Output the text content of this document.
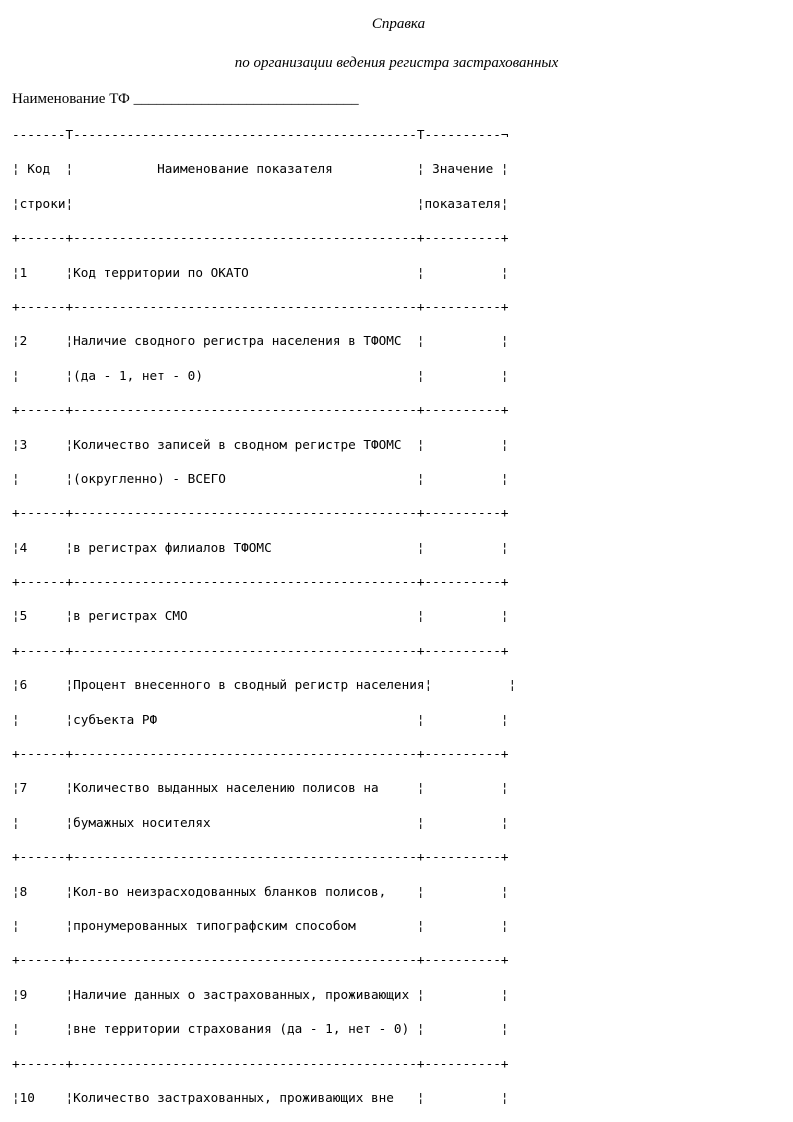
Справка
по организации ведения регистра застрахованных
Наименование ТФ ______________________________
-------T---------------------------------------------T----------¬
¦ Код  ¦           Наименование показателя           ¦ Значение ¦
¦строки¦                                             ¦показателя¦
+------+---------------------------------------------+----------+
¦1     ¦Код территории по ОКАТО                      ¦          ¦
+------+---------------------------------------------+----------+
¦2     ¦Наличие сводного регистра населения в ТФОМС  ¦          ¦
¦      ¦(да - 1, нет - 0)                            ¦          ¦
+------+---------------------------------------------+----------+
¦3     ¦Количество записей в сводном регистре ТФОМС  ¦          ¦
¦      ¦(округленно) - ВСЕГО                         ¦          ¦
+------+---------------------------------------------+----------+
¦4     ¦в регистрах филиалов ТФОМС                   ¦          ¦
+------+---------------------------------------------+----------+
¦5     ¦в регистрах СМО                              ¦          ¦
+------+---------------------------------------------+----------+
¦6     ¦Процент внесенного в сводный регистр населения¦          ¦
¦      ¦субъекта РФ                                  ¦          ¦
+------+---------------------------------------------+----------+
¦7     ¦Количество выданных населению полисов на     ¦          ¦
¦      ¦бумажных носителях                           ¦          ¦
+------+---------------------------------------------+----------+
¦8     ¦Кол-во неизрасходованных бланков полисов,    ¦          ¦
¦      ¦пронумерованных типографским способом        ¦          ¦
+------+---------------------------------------------+----------+
¦9     ¦Наличие данных о застрахованных, проживающих ¦          ¦
¦      ¦вне территории страхования (да - 1, нет - 0) ¦          ¦
+------+---------------------------------------------+----------+
¦10    ¦Количество застрахованных, проживающих вне   ¦          ¦
